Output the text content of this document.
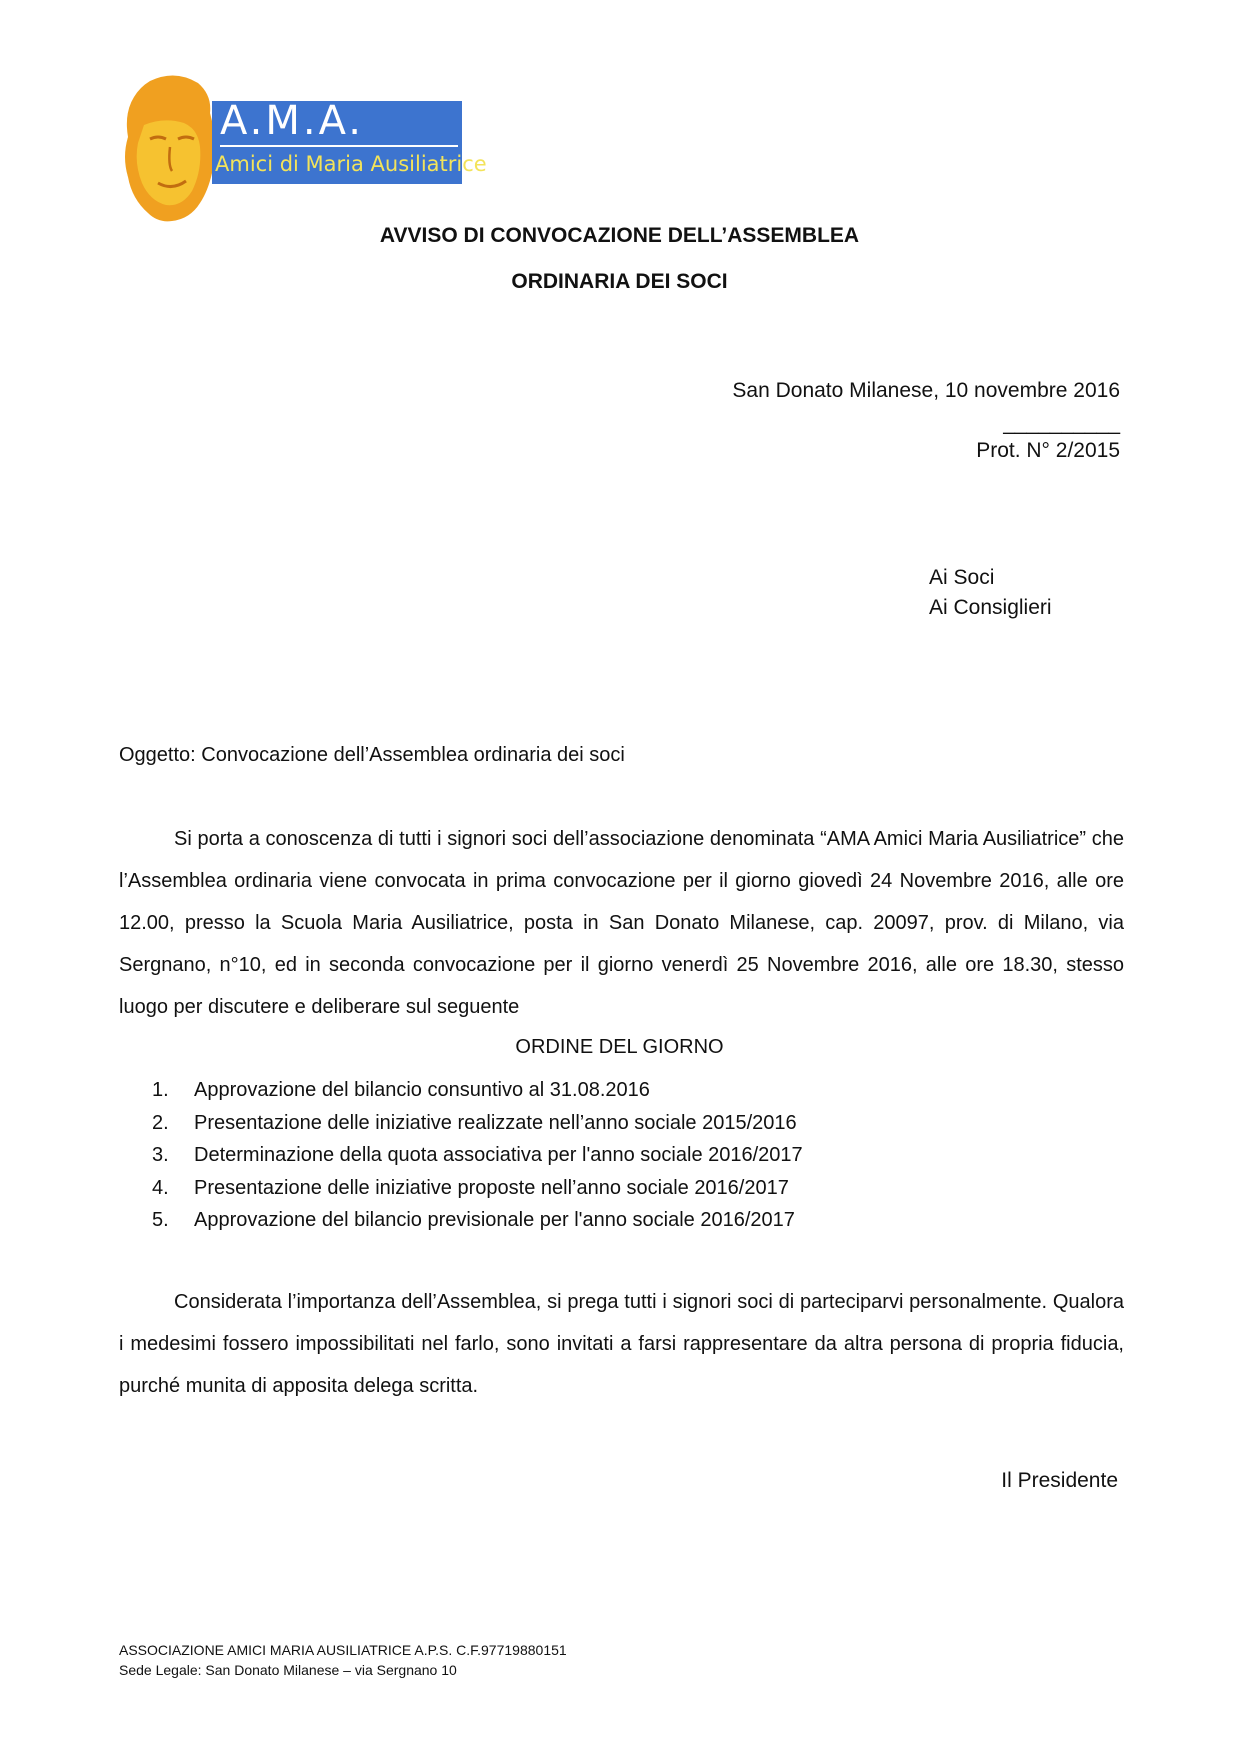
A.M.A.
Amici di Maria Ausiliatrice
AVVISO DI CONVOCAZIONE DELL’ASSEMBLEA
ORDINARIA DEI SOCI
San Donato Milanese, 10 novembre 2016
__________
Prot. N° 2/2015
Ai Soci
Ai Consiglieri
Oggetto: Convocazione dell’Assemblea ordinaria dei soci
Si porta a conoscenza di tutti i signori soci dell’associazione denominata “AMA Amici Maria Ausiliatrice” che l’Assemblea ordinaria viene convocata in prima convocazione per il giorno giovedì 24 Novembre 2016, alle ore 12.00, presso la Scuola Maria Ausiliatrice, posta in San Donato Milanese, cap. 20097, prov. di Milano, via Sergnano, n°10, ed in seconda convocazione per il giorno venerdì 25 Novembre 2016, alle ore 18.30, stesso luogo per discutere e deliberare sul seguente
ORDINE DEL GIORNO
1. Approvazione del bilancio consuntivo al 31.08.2016
2. Presentazione delle iniziative realizzate nell’anno sociale 2015/2016
3. Determinazione della quota associativa per l'anno sociale 2016/2017
4. Presentazione delle iniziative proposte nell’anno sociale 2016/2017
5. Approvazione del bilancio previsionale per l'anno sociale 2016/2017
Considerata l’importanza dell’Assemblea, si prega tutti i signori soci di parteciparvi personalmente. Qualora i medesimi fossero impossibilitati nel farlo, sono invitati a farsi rappresentare da altra persona di propria fiducia, purché munita di apposita delega scritta.
Il Presidente
ASSOCIAZIONE AMICI MARIA AUSILIATRICE A.P.S. C.F.97719880151
Sede Legale: San Donato Milanese – via Sergnano 10
